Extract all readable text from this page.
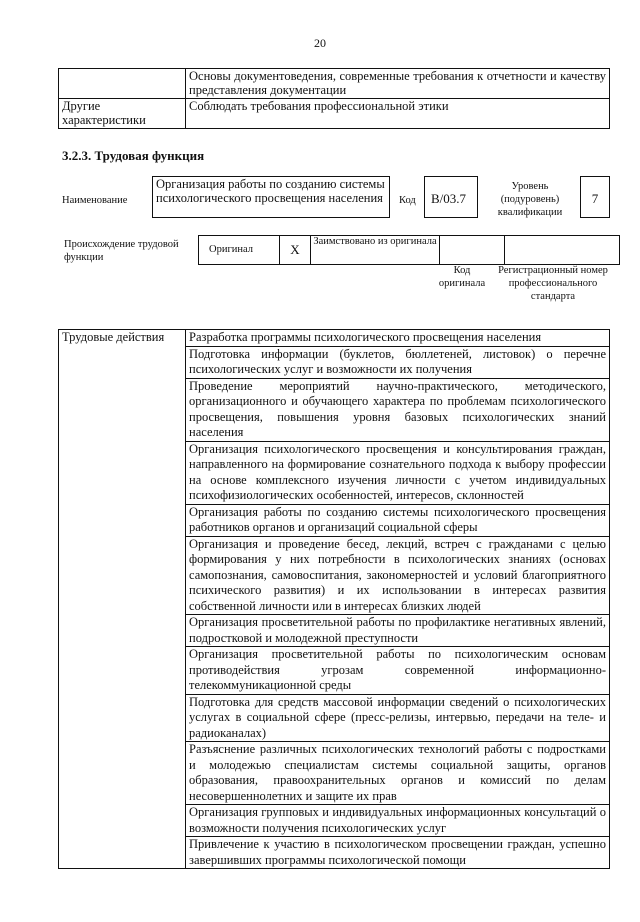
20
	Основы документоведения, современные требования к отчетности и качеству представления документации
Другие характеристики	Соблюдать требования профессиональной этики
3.2.3. Трудовая функция
Наименование
Организация работы по созданию системы психологического просвещения населения	Код	B/03.7
Уровень (подуровень) квалификации
7
Происхождение трудовой функции
Оригинал	X	Заимствовано из оригинала		
Код оригинала
Регистрационный номер профессионального стандарта
Трудовые действия	Разработка программы психологического просвещения населения
Подготовка информации (буклетов, бюллетеней, листовок) о перечне психологических услуг и возможности их получения
Проведение мероприятий научно-практического, методического, организационного и обучающего характера по проблемам психологического просвещения, повышения уровня базовых психологических знаний населения
Организация психологического просвещения и консультирования граждан, направленного на формирование сознательного подхода к выбору профессии на основе комплексного изучения личности с учетом индивидуальных психофизиологических особенностей, интересов, склонностей
Организация работы по созданию системы психологического просвещения работников органов и организаций социальной сферы
Организация и проведение бесед, лекций, встреч с гражданами с целью формирования у них потребности в психологических знаниях (основах самопознания, самовоспитания, закономерностей и условий благоприятного психического развития) и их использовании в интересах развития собственной личности или в интересах близких людей
Организация просветительной работы по профилактике негативных явлений, подростковой и молодежной преступности
Организация просветительной работы по психологическим основам противодействия угрозам современной информационно-телекоммуникационной среды
Подготовка для средств массовой информации сведений о психологических услугах в социальной сфере (пресс-релизы, интервью, передачи на теле- и радиоканалах)
Разъяснение различных психологических технологий работы с подростками и молодежью специалистам системы социальной защиты, органов образования, правоохранительных органов и комиссий по делам несовершеннолетних и защите их прав
Организация групповых и индивидуальных информационных консультаций о возможности получения психологических услуг
Привлечение к участию в психологическом просвещении граждан, успешно завершивших программы психологической помощи
